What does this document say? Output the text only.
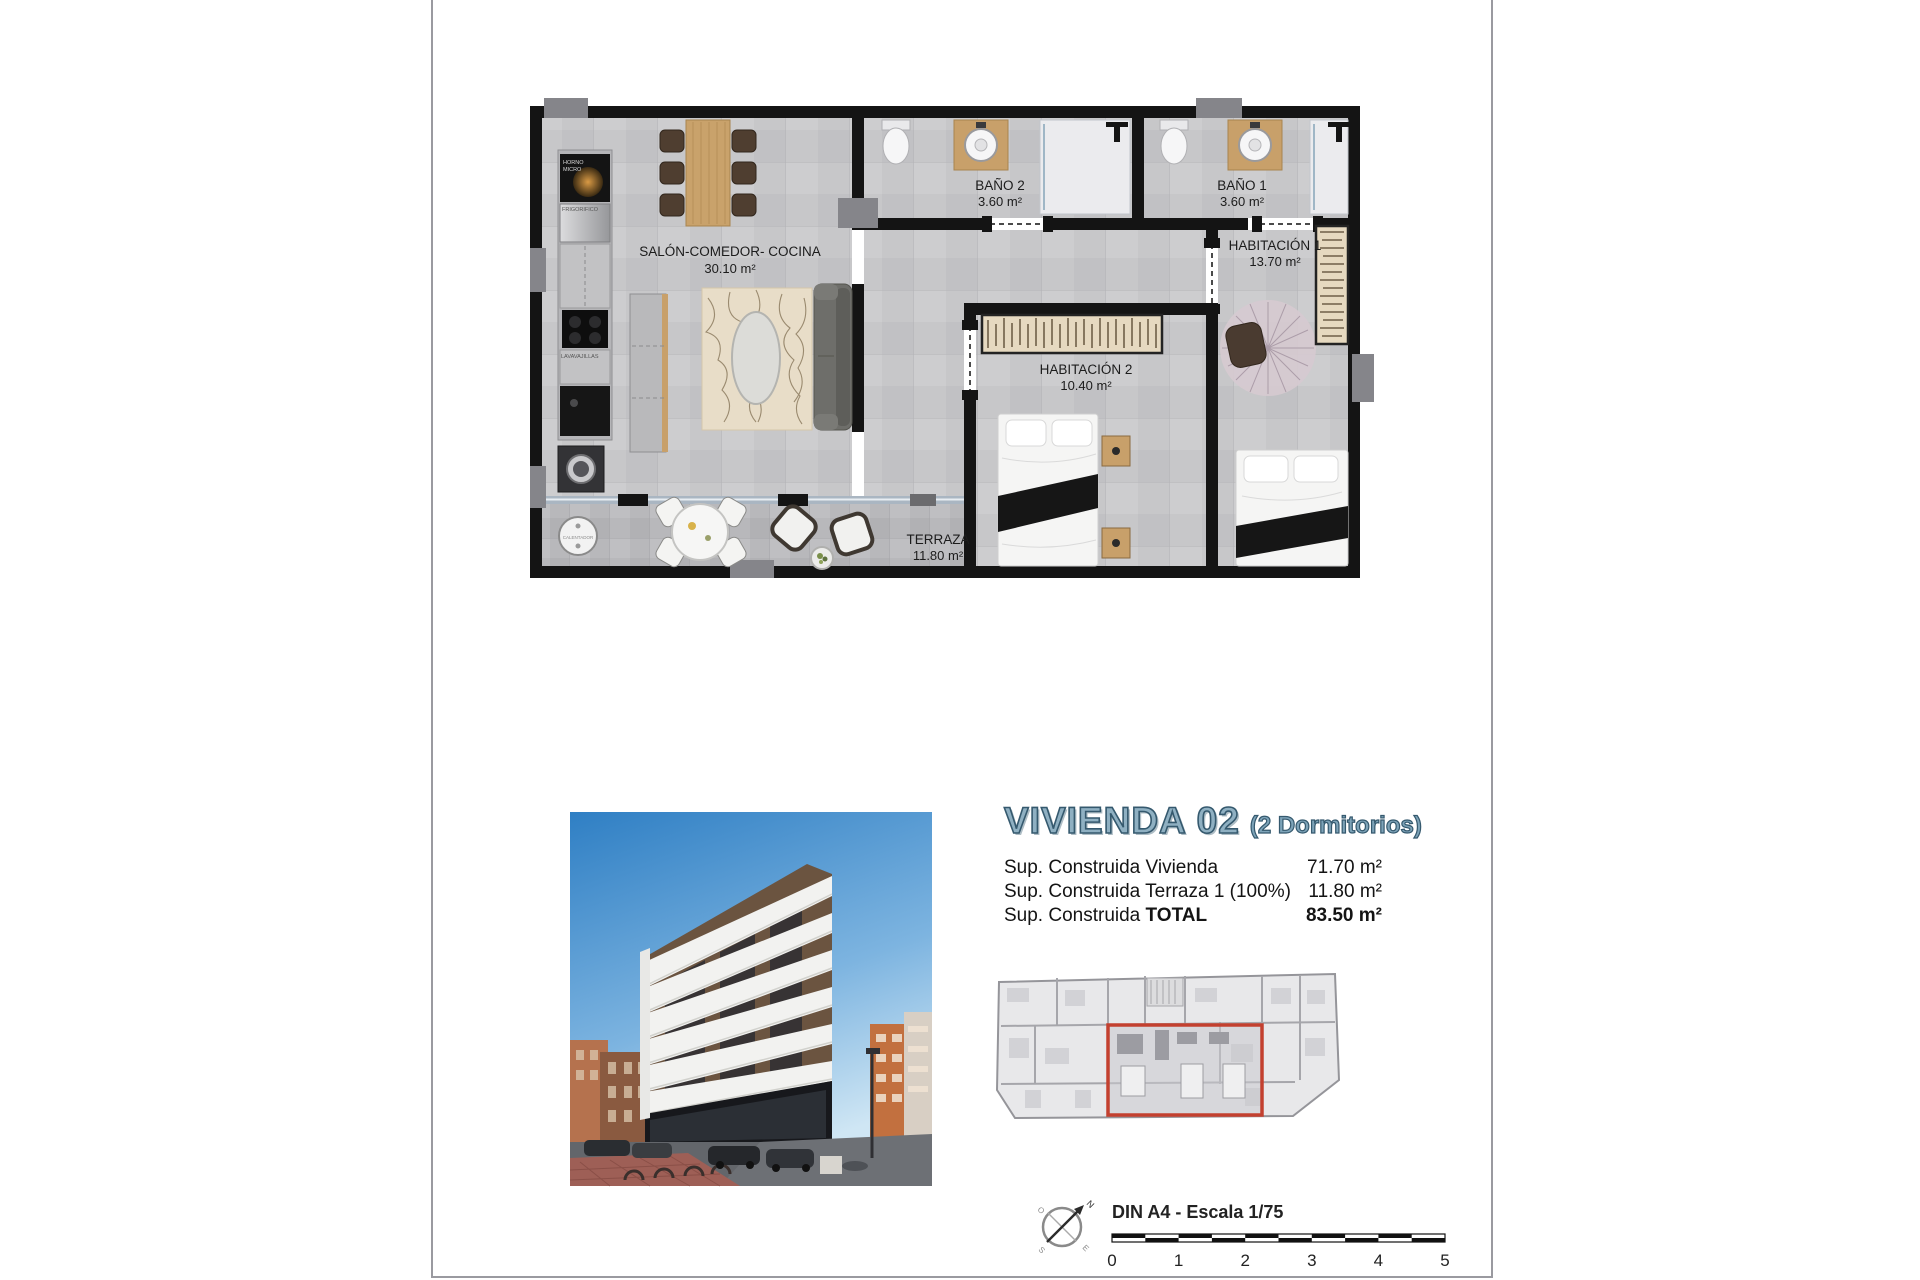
HORNO
MICRO
FRIGORIFICO
LAVAVAJILLAS
CALENTADOR
SALÓN-COMEDOR- COCINA
30.10 m²
BAÑO 2
3.60 m²
BAÑO 1
3.60 m²
HABITACIÓN 1
13.70 m²
HABITACIÓN 2
10.40 m²
TERRAZA
11.80 m²
VIVIENDA 02 (2 Dormitorios)
Sup. Construida Vivienda	71.70 m²
Sup. Construida Terraza 1 (100%) 11.80 m²
Sup. Construida TOTAL	83.50 m²
N
O
S	E
DIN A4 - Escala 1/75
0	1	2	3	4	5
